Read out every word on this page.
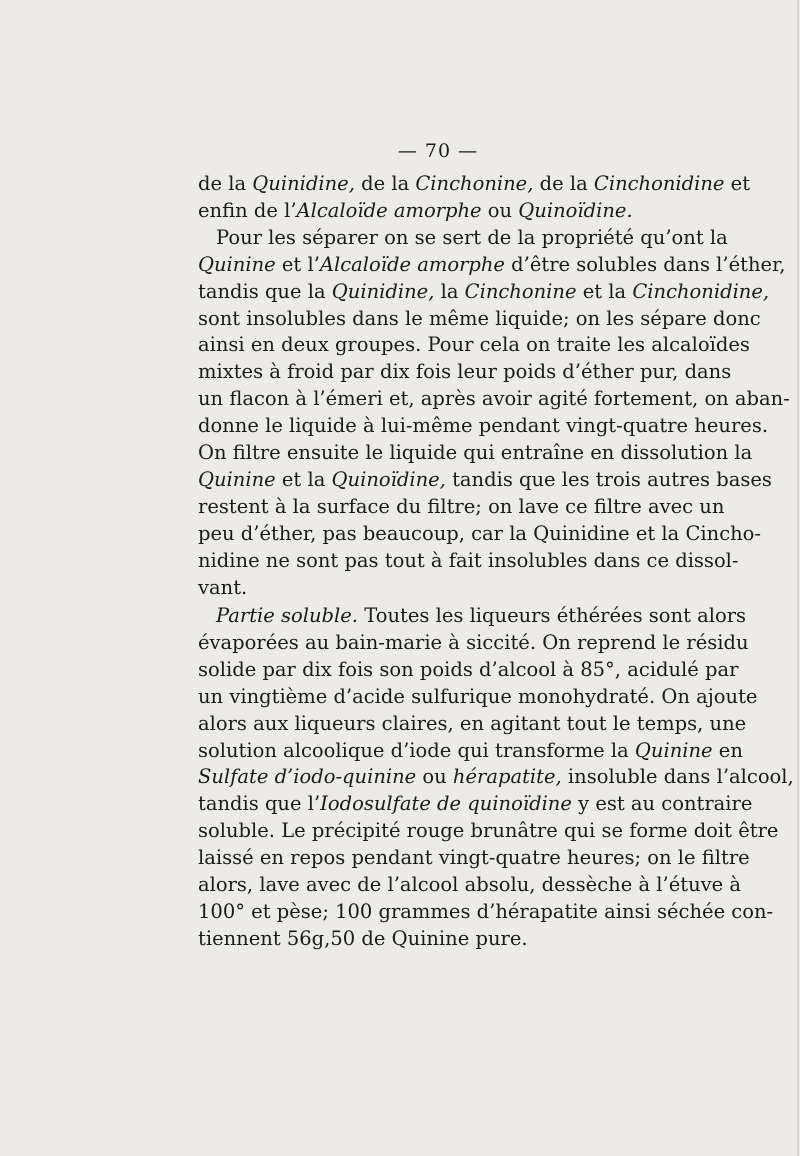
— 70 —
de la Quinidine, de la Cinchonine, de la Cinchonidine et
enfin de l’Alcaloïde amorphe ou Quinoïdine.
Pour les séparer on se sert de la propriété qu’ont la
Quinine et l’Alcaloïde amorphe d’être solubles dans l’éther,
tandis que la Quinidine, la Cinchonine et la Cinchonidine,
sont insolubles dans le même liquide; on les sépare donc
ainsi en deux groupes. Pour cela on traite les alcaloïdes
mixtes à froid par dix fois leur poids d’éther pur, dans
un flacon à l’émeri et, après avoir agité fortement, on aban-
donne le liquide à lui-même pendant vingt-quatre heures.
On filtre ensuite le liquide qui entraîne en dissolution la
Quinine et la Quinoïdine, tandis que les trois autres bases
restent à la surface du filtre; on lave ce filtre avec un
peu d’éther, pas beaucoup, car la Quinidine et la Cincho-
nidine ne sont pas tout à fait insolubles dans ce dissol-
vant.
Partie soluble. Toutes les liqueurs éthérées sont alors
évaporées au bain-marie à siccité. On reprend le résidu
solide par dix fois son poids d’alcool à 85°, acidulé par
un vingtième d’acide sulfurique monohydraté. On ajoute
alors aux liqueurs claires, en agitant tout le temps, une
solution alcoolique d’iode qui transforme la Quinine en
Sulfate d’iodo-quinine ou hérapatite, insoluble dans l’alcool,
tandis que l’Iodosulfate de quinoïdine y est au contraire
soluble. Le précipité rouge brunâtre qui se forme doit être
laissé en repos pendant vingt-quatre heures; on le filtre
alors, lave avec de l’alcool absolu, dessèche à l’étuve à
100° et pèse; 100 grammes d’hérapatite ainsi séchée con-
tiennent 56g,50 de Quinine pure.
